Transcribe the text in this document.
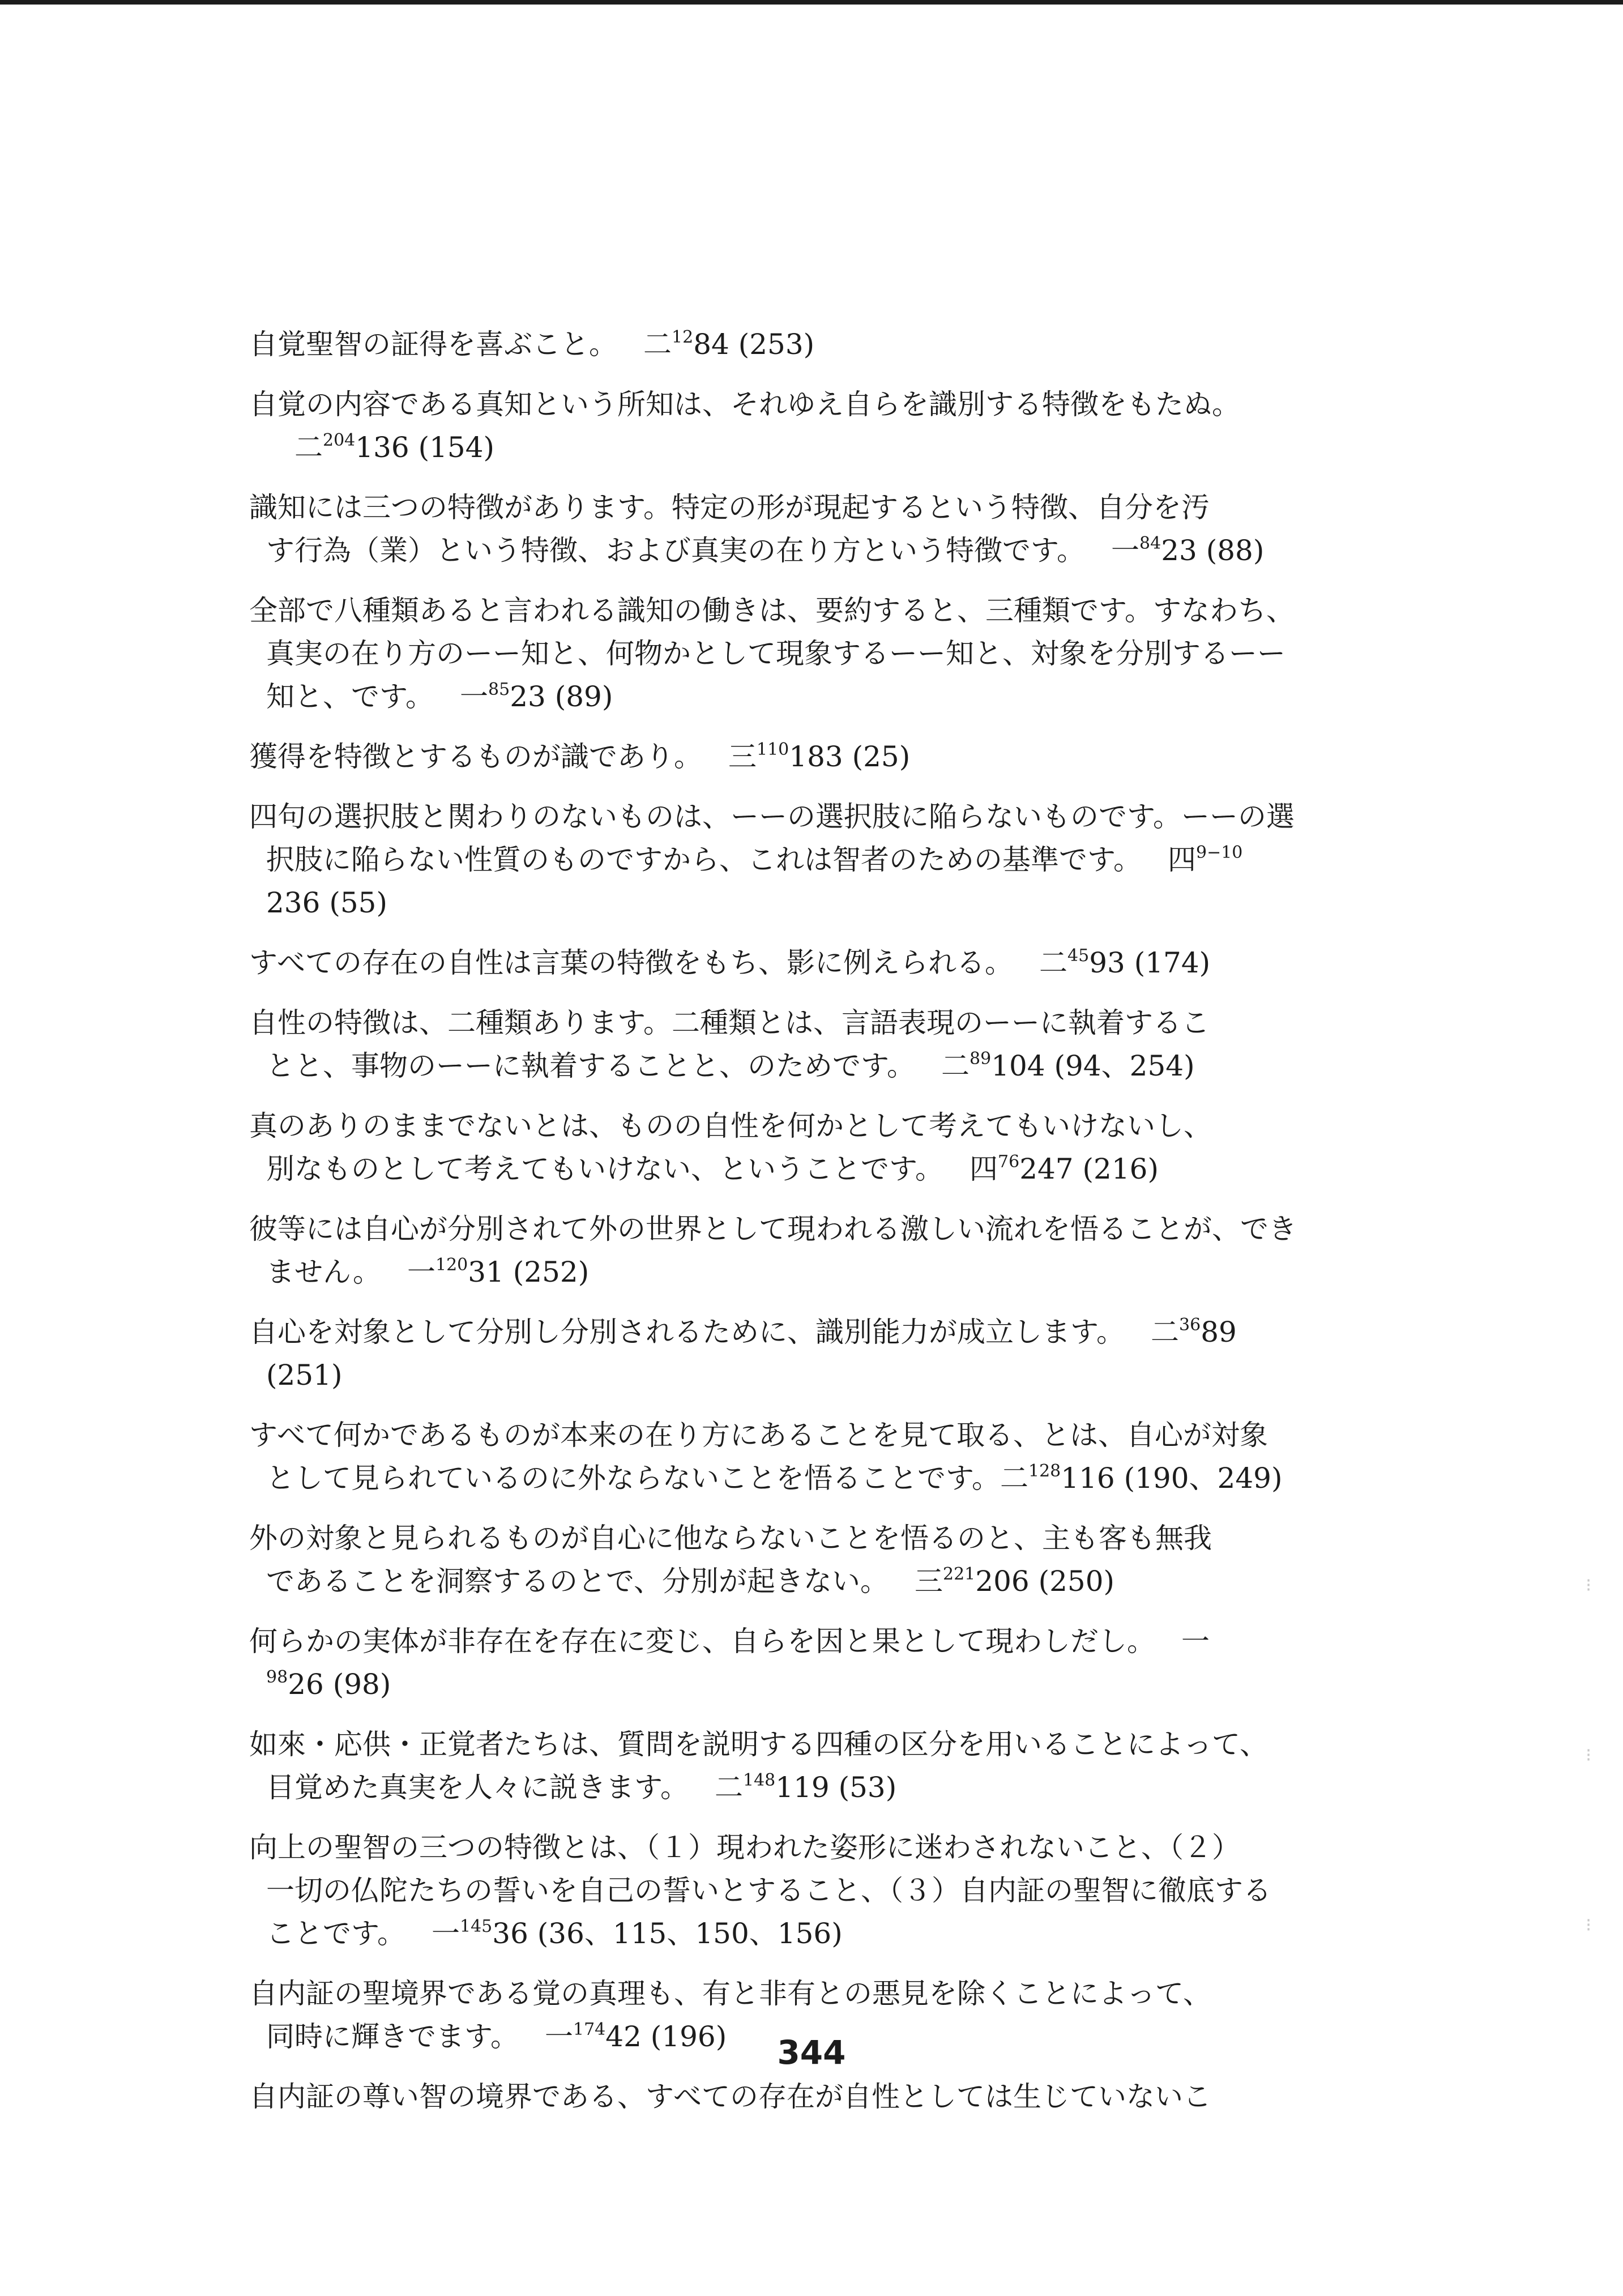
自覚聖智の証得を喜ぶこと。 二$^{12}$84 (253)
自覚の内容である真知という所知は、それゆえ自らを識別する特徴をもたぬ。
二$^{204}$136 (154)
識知には三つの特徴があります。特定の形が現起するという特徴、自分を汚
す行為（業）という特徴、および真実の在り方という特徴です。 一$^{84}$23 (88)
全部で八種類あると言われる識知の働きは、要約すると、三種類です。すなわち、
真実の在り方のーー知と、何物かとして現象するーー知と、対象を分別するーー
知と、です。 一$^{85}$23 (89)
獲得を特徴とするものが識であり。 三$^{110}$183 (25)
四句の選択肢と関わりのないものは、ーーの選択肢に陥らないものです。ーーの選
択肢に陥らない性質のものですから、これは智者のための基準です。 四$^{9-10}$
236 (55)
すべての存在の自性は言葉の特徴をもち、影に例えられる。 二$^{45}$93 (174)
自性の特徴は、二種類あります。二種類とは、言語表現のーーに執着するこ
とと、事物のーーに執着することと、のためです。 二$^{89}$104 (94、254)
真のありのままでないとは、ものの自性を何かとして考えてもいけないし、
別なものとして考えてもいけない、ということです。 四$^{76}$247 (216)
彼等には自心が分別されて外の世界として現われる激しい流れを悟ることが、でき
ません。 一$^{120}$31 (252)
自心を対象として分別し分別されるために、識別能力が成立します。 二$^{36}$89
(251)
すべて何かであるものが本来の在り方にあることを見て取る、とは、自心が対象
として見られているのに外ならないことを悟ることです。二$^{128}$116 (190、249)
外の対象と見られるものが自心に他ならないことを悟るのと、主も客も無我
であることを洞察するのとで、分別が起きない。 三$^{221}$206 (250)
何らかの実体が非存在を存在に変じ、自らを因と果として現わしだし。 一
$^{98}$26 (98)
如來・応供・正覚者たちは、質問を説明する四種の区分を用いることによって、
目覚めた真実を人々に説きます。 二$^{148}$119 (53)
向上の聖智の三つの特徴とは、（１）現われた姿形に迷わされないこと、（２）
一切の仏陀たちの誓いを自己の誓いとすること、（３）自内証の聖智に徹底する
ことです。 一$^{145}$36 (36、115、150、156)
自内証の聖境界である覚の真理も、有と非有との悪見を除くことによって、
同時に輝きでます。 一$^{174}$42 (196)
自内証の尊い智の境界である、すべての存在が自性としては生じていないこ
344
⁝
⁝
⁝
